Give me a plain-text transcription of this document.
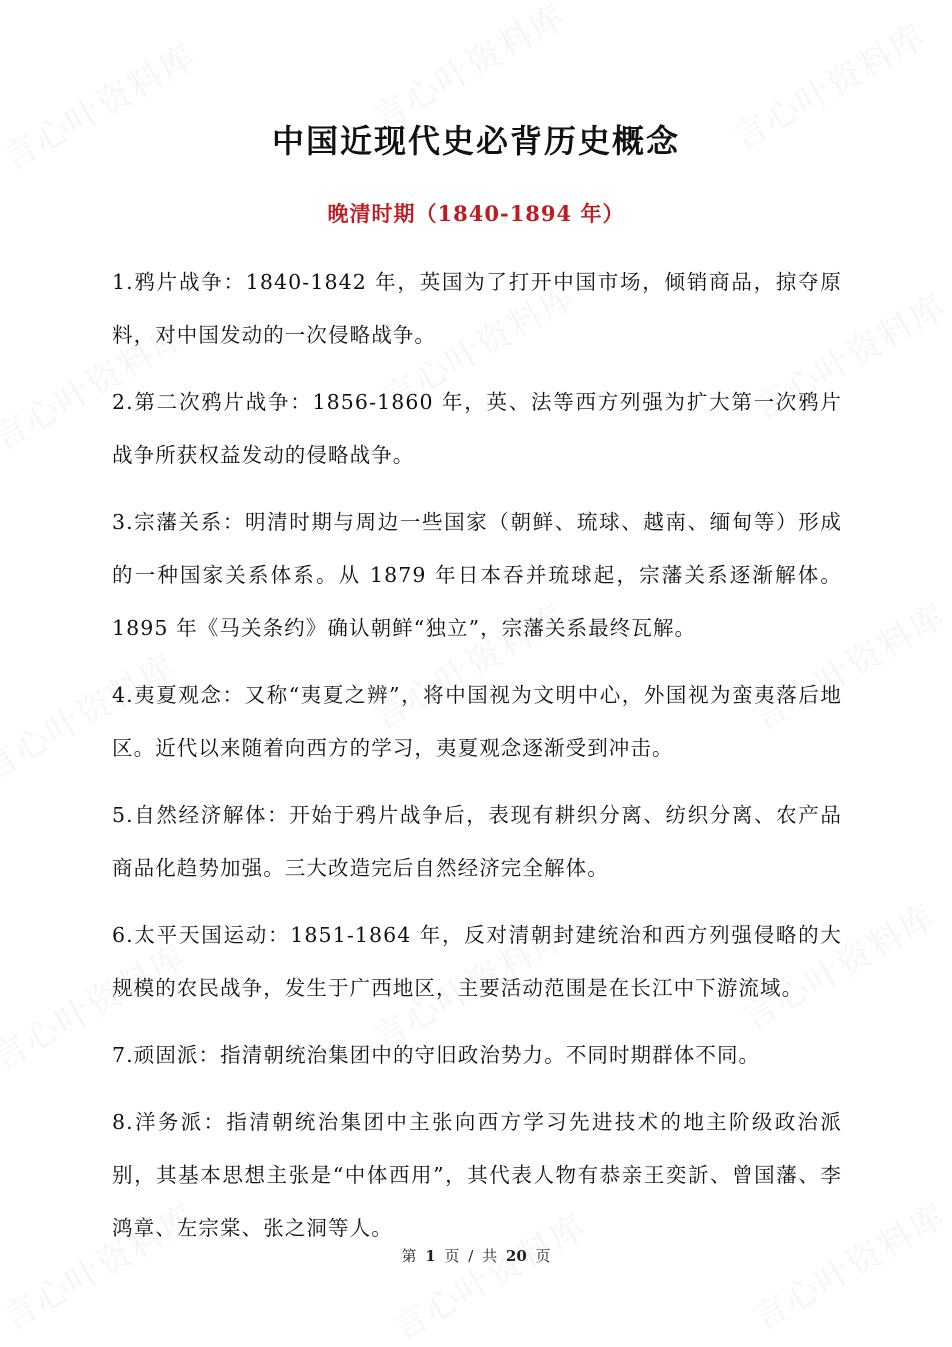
中国近现代史必背历史概念
晚清时期（1840-1894 年）

1.鸦片战争：1840-1842 年，英国为了打开中国市场，倾销商品，掠夺原料，对中国发动的一次侵略战争。

2.第二次鸦片战争：1856-1860 年，英、法等西方列强为扩大第一次鸦片战争所获权益发动的侵略战争。

3.宗藩关系：明清时期与周边一些国家（朝鲜、琉球、越南、缅甸等）形成的一种国家关系体系。从 1879 年日本吞并琉球起，宗藩关系逐渐解体。1895 年《马关条约》确认朝鲜“独立”，宗藩关系最终瓦解。

4.夷夏观念：又称“夷夏之辨”，将中国视为文明中心，外国视为蛮夷落后地区。近代以来随着向西方的学习，夷夏观念逐渐受到冲击。

5.自然经济解体：开始于鸦片战争后，表现有耕织分离、纺织分离、农产品商品化趋势加强。三大改造完后自然经济完全解体。

6.太平天国运动：1851-1864 年，反对清朝封建统治和西方列强侵略的大规模的农民战争，发生于广西地区，主要活动范围是在长江中下游流域。

7.顽固派：指清朝统治集团中的守旧政治势力。不同时期群体不同。

8.洋务派：指清朝统治集团中主张向西方学习先进技术的地主阶级政治派别，其基本思想主张是“中体西用”，其代表人物有恭亲王奕訢、曾国藩、李鸿章、左宗棠、张之洞等人。

第 1 页 / 共 20 页
